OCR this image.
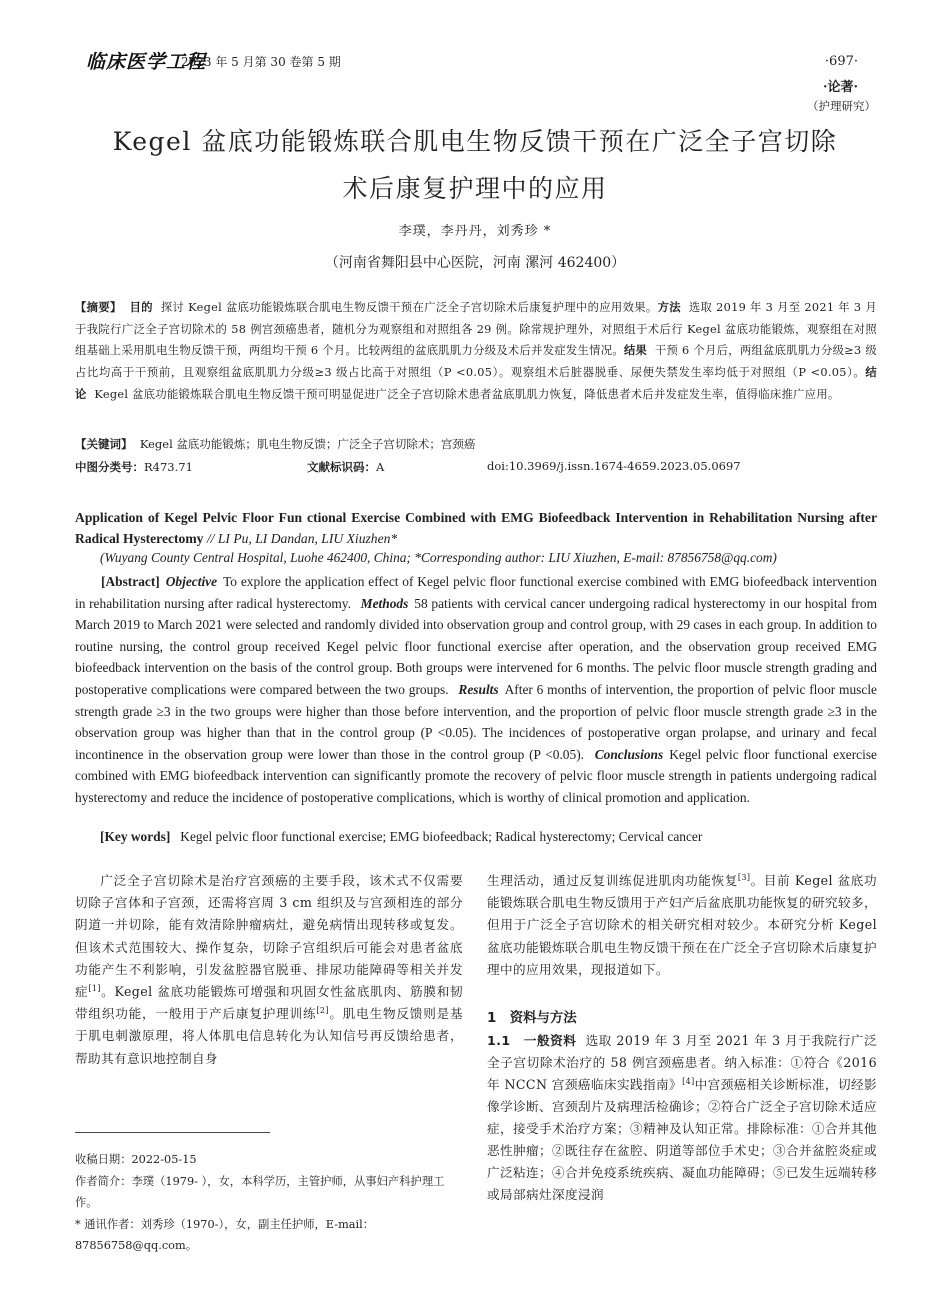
临床医学工程
2023 年 5 月第 30 卷第 5 期	·697·
·论著·
（护理研究）
Kegel 盆底功能锻炼联合肌电生物反馈干预在广泛全子宫切除
术后康复护理中的应用
李璞，李丹丹，刘秀珍 *
（河南省舞阳县中心医院，河南 漯河 462400）
【摘要】 目的 探讨 Kegel 盆底功能锻炼联合肌电生物反馈干预在广泛全子宫切除术后康复护理中的应用效果。方法 选取 2019 年 3 月至 2021 年 3 月于我院行广泛全子宫切除术的 58 例宫颈癌患者，随机分为观察组和对照组各 29 例。除常规护理外，对照组于术后行 Kegel 盆底功能锻炼，观察组在对照组基础上采用肌电生物反馈干预，两组均干预 6 个月。比较两组的盆底肌肌力分级及术后并发症发生情况。结果 干预 6 个月后，两组盆底肌肌力分级≥3 级占比均高于干预前，且观察组盆底肌肌力分级≥3 级占比高于对照组（P <0.05）。观察组术后脏器脱垂、尿便失禁发生率均低于对照组（P <0.05）。结论 Kegel 盆底功能锻炼联合肌电生物反馈干预可明显促进广泛全子宫切除术患者盆底肌肌力恢复，降低患者术后并发症发生率，值得临床推广应用。
【关键词】 Kegel 盆底功能锻炼；肌电生物反馈；广泛全子宫切除术；宫颈癌
中图分类号：R473.71	文献标识码：A	doi:10.3969/j.issn.1674-4659.2023.05.0697
Application of Kegel Pelvic Floor Fun ctional Exercise Combined with EMG Biofeedback Intervention in Rehabilitation Nursing after Radical Hysterectomy // LI Pu, LI Dandan, LIU Xiuzhen*
(Wuyang County Central Hospital, Luohe 462400, China; *Corresponding author: LIU Xiuzhen, E-mail: 87856758@qq.com)
[Abstract] Objective To explore the application effect of Kegel pelvic floor functional exercise combined with EMG biofeedback intervention in rehabilitation nursing after radical hysterectomy. Methods 58 patients with cervical cancer undergoing radical hysterectomy in our hospital from March 2019 to March 2021 were selected and randomly divided into observation group and control group, with 29 cases in each group. In addition to routine nursing, the control group received Kegel pelvic floor functional exercise after operation, and the observation group received EMG biofeedback intervention on the basis of the control group. Both groups were intervened for 6 months. The pelvic floor muscle strength grading and postoperative complications were compared between the two groups. Results After 6 months of intervention, the proportion of pelvic floor muscle strength grade ≥3 in the two groups were higher than those before intervention, and the proportion of pelvic floor muscle strength grade ≥3 in the observation group was higher than that in the control group (P <0.05). The incidences of postoperative organ prolapse, and urinary and fecal incontinence in the observation group were lower than those in the control group (P <0.05). Conclusions Kegel pelvic floor functional exercise combined with EMG biofeedback intervention can significantly promote the recovery of pelvic floor muscle strength in patients undergoing radical hysterectomy and reduce the incidence of postoperative complications, which is worthy of clinical promotion and application.
[Key words] Kegel pelvic floor functional exercise; EMG biofeedback; Radical hysterectomy; Cervical cancer

广泛全子宫切除术是治疗宫颈癌的主要手段，该术式不仅需要切除子宫体和子宫颈，还需将宫周 3 cm 组织及与宫颈相连的部分阴道一并切除，能有效清除肿瘤病灶，避免病情出现转移或复发。但该术式范围较大、操作复杂，切除子宫组织后可能会对患者盆底功能产生不利影响，引发盆腔器官脱垂、排尿功能障碍等相关并发症[1]。Kegel 盆底功能锻炼可增强和巩固女性盆底肌肉、筋膜和韧带组织功能，一般用于产后康复护理训练[2]。肌电生物反馈则是基于肌电刺激原理，将人体肌电信息转化为认知信号再反馈给患者，帮助其有意识地控制自身

收稿日期：2022-05-15
作者简介：李璞（1979- ），女，本科学历，主管护师，从事妇产科护理工作。
* 通讯作者：刘秀珍（1970-），女，副主任护师，E-mail：87856758@qq.com。

生理活动，通过反复训练促进肌肉功能恢复[3]。目前 Kegel 盆底功能锻炼联合肌电生物反馈用于产妇产后盆底肌功能恢复的研究较多，但用于广泛全子宫切除术的相关研究相对较少。本研究分析 Kegel 盆底功能锻炼联合肌电生物反馈干预在在广泛全子宫切除术后康复护理中的应用效果，现报道如下。

1　资料与方法
1.1　一般资料 选取 2019 年 3 月至 2021 年 3 月于我院行广泛全子宫切除术治疗的 58 例宫颈癌患者。纳入标准：①符合《2016 年 NCCN 宫颈癌临床实践指南》[4]中宫颈癌相关诊断标准，切经影像学诊断、宫颈刮片及病理活检确诊；②符合广泛全子宫切除术适应症，接受手术治疗方案；③精神及认知正常。排除标准：①合并其他恶性肿瘤；②既往存在盆腔、阴道等部位手术史；③合并盆腔炎症或广泛粘连；④合并免疫系统疾病、凝血功能障碍；⑤已发生远端转移或局部病灶深度浸润
